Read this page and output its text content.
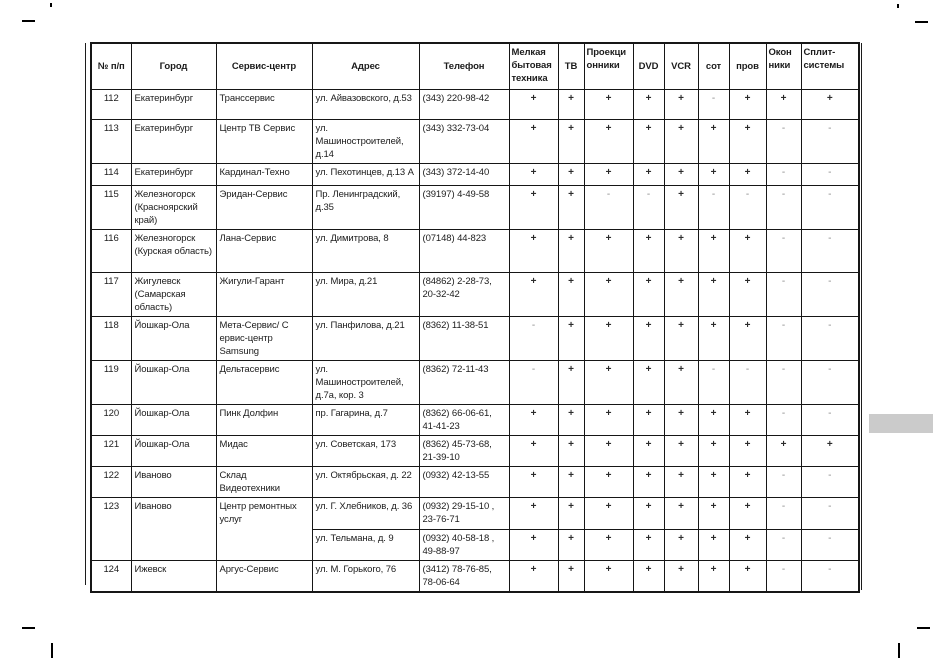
№ п/п	Город	Сервис-центр	Адрес	Телефон	Мелкая бытовая техника	ТВ	Проекци онники	DVD	VCR	сот	пров	Окон ники	Сплит- системы
112	Екатеринбург	Транссервис	ул. Айвазовского, д.53	(343) 220-98-42	+	+	+	+	+	-	+	+	+
113	Екатеринбург	Центр ТВ Сервис	ул. Машиностроителей, д.14	(343) 332-73-04	+	+	+	+	+	+	+	-	-
114	Екатеринбург	Кардинал-Техно	ул. Пехотинцев, д.13 А	(343) 372-14-40	+	+	+	+	+	+	+	-	-
115	Железногорск (Красноярский край)	Эридан-Сервис	Пр. Ленинградский, д.35	(39197) 4-49-58	+	+	-	-	+	-	-	-	-
116	Железногорск (Курская область)	Лана-Сервис	ул. Димитрова, 8	(07148) 44-823	+	+	+	+	+	+	+	-	-
117	Жигулевск (Самарская область)	Жигули-Гарант	ул. Мира, д.21	(84862) 2-28-73, 20-32-42	+	+	+	+	+	+	+	-	-
118	Йошкар-Ола	Мета-Сервис/ С ервис-центр Samsung	ул. Панфилова, д.21	(8362) 11-38-51	-	+	+	+	+	+	+	-	-
119	Йошкар-Ола	Дельтасервис	ул. Машиностроителей, д.7а, кор. 3	(8362) 72-11-43	-	+	+	+	+	-	-	-	-
120	Йошкар-Ола	Пинк Долфин	пр. Гагарина, д.7	(8362) 66-06-61, 41-41-23	+	+	+	+	+	+	+	-	-
121	Йошкар-Ола	Мидас	ул. Советская, 173	(8362) 45-73-68, 21-39-10	+	+	+	+	+	+	+	+	+
122	Иваново	Склад Видеотехники	ул. Октябрьская, д. 22	(0932) 42-13-55	+	+	+	+	+	+	+	-	-
123	Иваново	Центр ремонтных услуг	ул. Г. Хлебников, д. 36	(0932) 29-15-10 , 23-76-71	+	+	+	+	+	+	+	-	-
			ул. Тельмана, д. 9	(0932) 40-58-18 , 49-88-97	+	+	+	+	+	+	+	-	-
124	Ижевск	Аргус-Сервис	ул. М. Горького, 76	(3412) 78-76-85, 78-06-64	+	+	+	+	+	+	+	-	-
